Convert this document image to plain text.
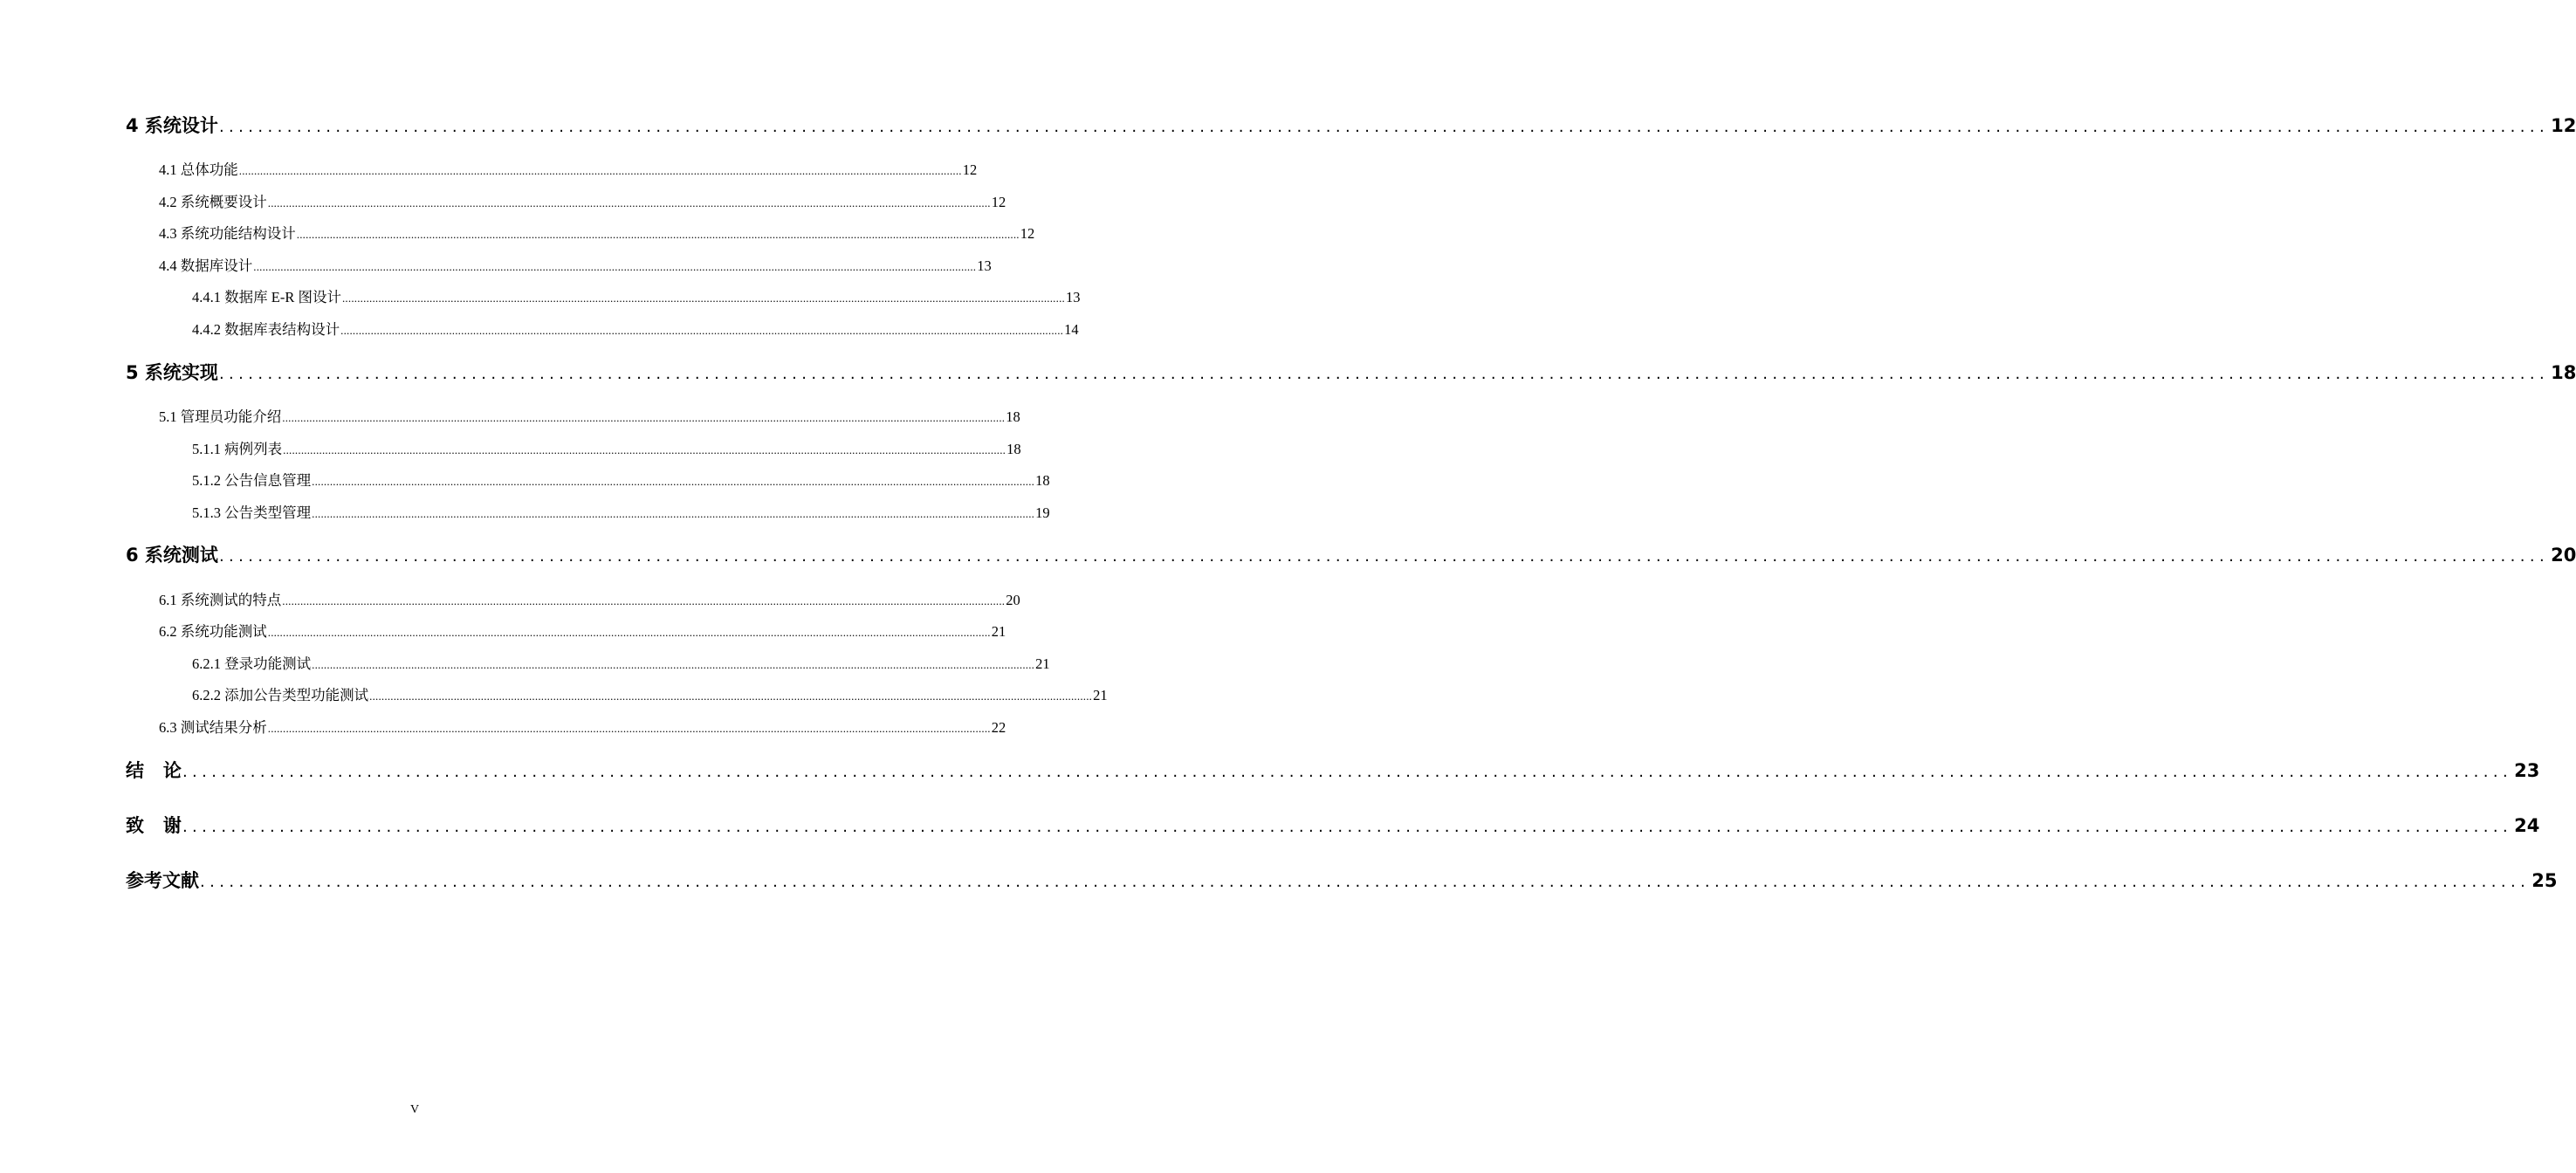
4 系统设计 ................................................................................................................................................................................................................................................ 12
4.1 总体功能 ................................................................................................................................................................................................................................................ 12
4.2 系统概要设计 ................................................................................................................................................................................................................................................ 12
4.3 系统功能结构设计 ................................................................................................................................................................................................................................................ 12
4.4 数据库设计 ................................................................................................................................................................................................................................................ 13
4.4.1 数据库 E-R 图设计 ................................................................................................................................................................................................................................................ 13
4.4.2 数据库表结构设计 ................................................................................................................................................................................................................................................ 14
5 系统实现 ................................................................................................................................................................................................................................................ 18
5.1 管理员功能介绍 ................................................................................................................................................................................................................................................ 18
5.1.1 病例列表 ................................................................................................................................................................................................................................................ 18
5.1.2 公告信息管理 ................................................................................................................................................................................................................................................ 18
5.1.3 公告类型管理 ................................................................................................................................................................................................................................................ 19
6 系统测试 ................................................................................................................................................................................................................................................ 20
6.1 系统测试的特点 ................................................................................................................................................................................................................................................ 20
6.2 系统功能测试 ................................................................................................................................................................................................................................................ 21
6.2.1 登录功能测试 ................................................................................................................................................................................................................................................ 21
6.2.2 添加公告类型功能测试 ................................................................................................................................................................................................................................................ 21
6.3 测试结果分析 ................................................................................................................................................................................................................................................ 22
结   论 ................................................................................................................................................................................................................................................ 23
致   谢 ................................................................................................................................................................................................................................................ 24
参考文献 ................................................................................................................................................................................................................................................ 25
V
